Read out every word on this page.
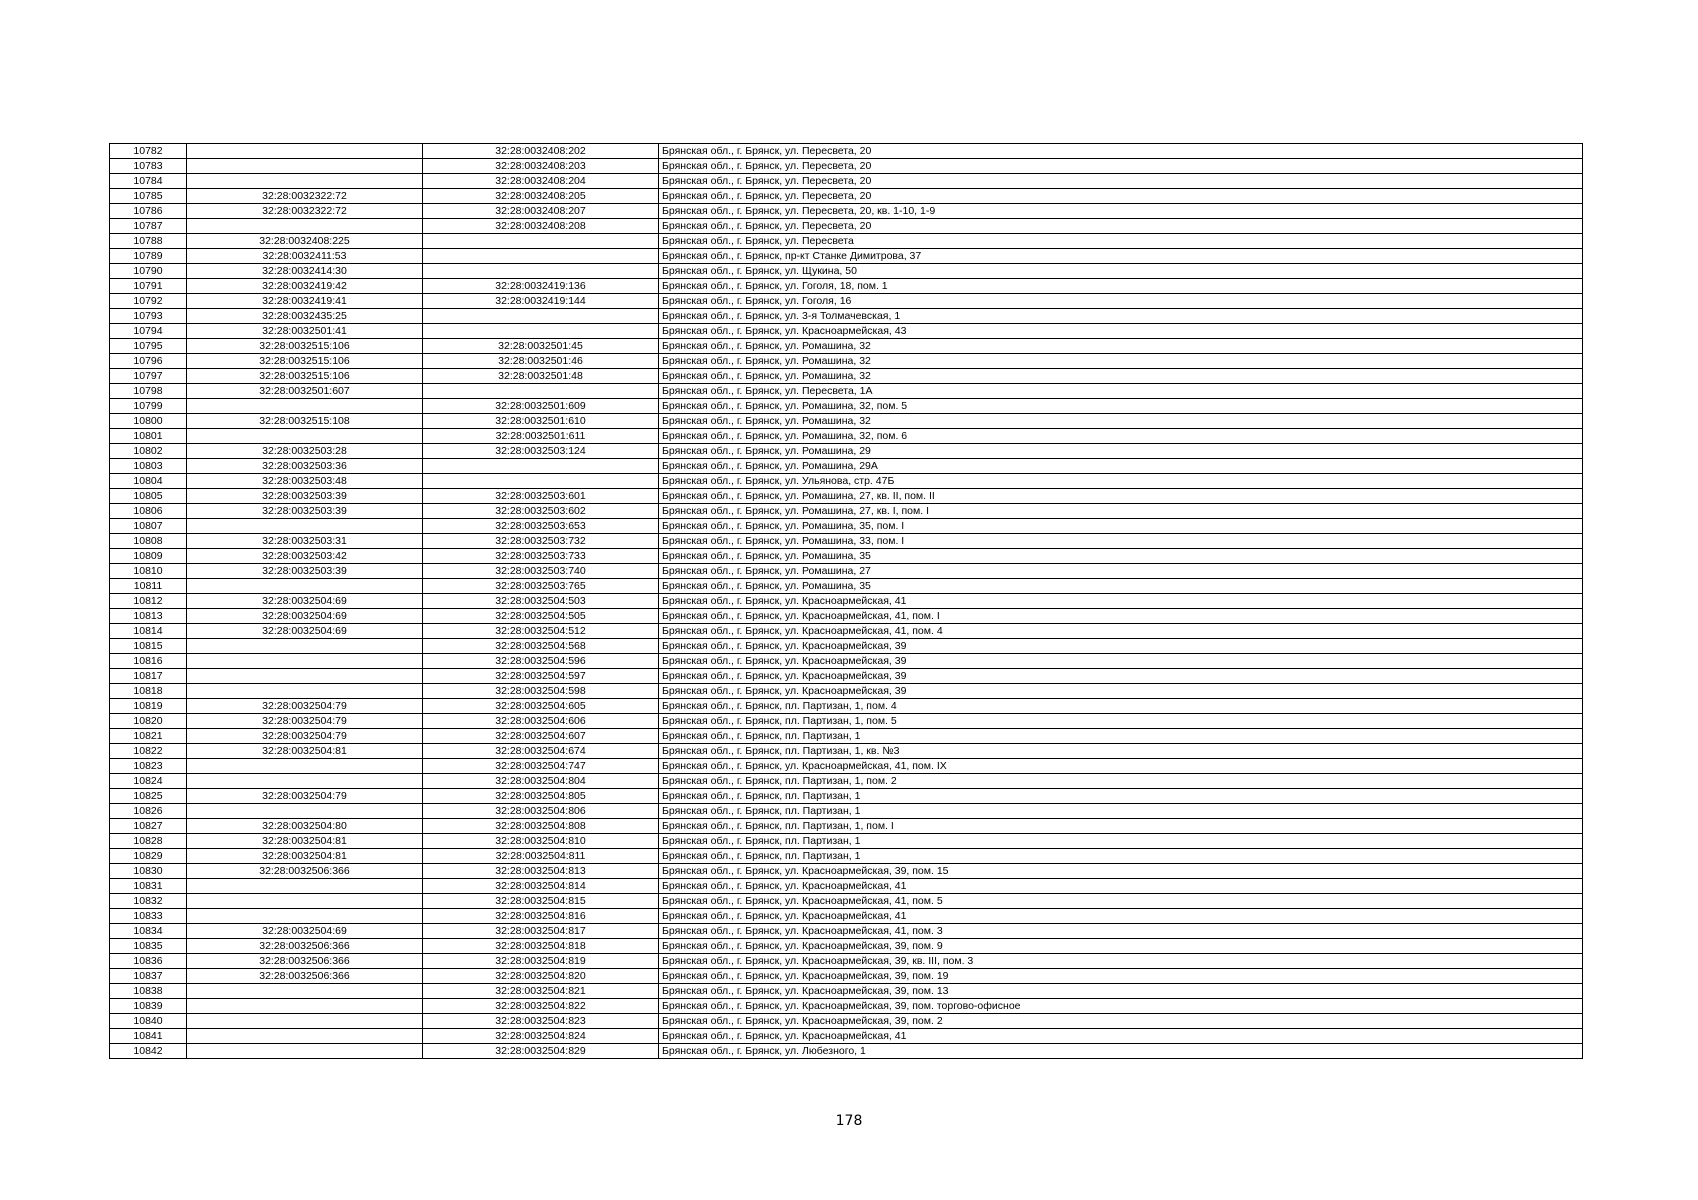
10782		32:28:0032408:202	Брянская обл., г. Брянск, ул. Пересвета, 20
10783		32:28:0032408:203	Брянская обл., г. Брянск, ул. Пересвета, 20
10784		32:28:0032408:204	Брянская обл., г. Брянск, ул. Пересвета, 20
10785	32:28:0032322:72	32:28:0032408:205	Брянская обл., г. Брянск, ул. Пересвета, 20
10786	32:28:0032322:72	32:28:0032408:207	Брянская обл., г. Брянск, ул. Пересвета, 20, кв. 1-10, 1-9
10787		32:28:0032408:208	Брянская обл., г. Брянск, ул. Пересвета, 20
10788	32:28:0032408:225		Брянская обл., г. Брянск, ул. Пересвета
10789	32:28:0032411:53		Брянская обл., г. Брянск, пр-кт Станке Димитрова, 37
10790	32:28:0032414:30		Брянская обл., г. Брянск, ул. Щукина, 50
10791	32:28:0032419:42	32:28:0032419:136	Брянская обл., г. Брянск, ул. Гоголя, 18, пом. 1
10792	32:28:0032419:41	32:28:0032419:144	Брянская обл., г. Брянск, ул. Гоголя, 16
10793	32:28:0032435:25		Брянская обл., г. Брянск, ул. 3-я Толмачевская, 1
10794	32:28:0032501:41		Брянская обл., г. Брянск, ул. Красноармейская, 43
10795	32:28:0032515:106	32:28:0032501:45	Брянская обл., г. Брянск, ул. Ромашина, 32
10796	32:28:0032515:106	32:28:0032501:46	Брянская обл., г. Брянск, ул. Ромашина, 32
10797	32:28:0032515:106	32:28:0032501:48	Брянская обл., г. Брянск, ул. Ромашина, 32
10798	32:28:0032501:607		Брянская обл., г. Брянск, ул. Пересвета, 1А
10799		32:28:0032501:609	Брянская обл., г. Брянск, ул. Ромашина, 32, пом. 5
10800	32:28:0032515:108	32:28:0032501:610	Брянская обл., г. Брянск, ул. Ромашина, 32
10801		32:28:0032501:611	Брянская обл., г. Брянск, ул. Ромашина, 32, пом. 6
10802	32:28:0032503:28	32:28:0032503:124	Брянская обл., г. Брянск, ул. Ромашина, 29
10803	32:28:0032503:36		Брянская обл., г. Брянск, ул. Ромашина, 29А
10804	32:28:0032503:48		Брянская обл., г. Брянск, ул. Ульянова, стр. 47Б
10805	32:28:0032503:39	32:28:0032503:601	Брянская обл., г. Брянск, ул. Ромашина, 27, кв. II, пом. II
10806	32:28:0032503:39	32:28:0032503:602	Брянская обл., г. Брянск, ул. Ромашина, 27, кв. I, пом. I
10807		32:28:0032503:653	Брянская обл., г. Брянск, ул. Ромашина, 35, пом. I
10808	32:28:0032503:31	32:28:0032503:732	Брянская обл., г. Брянск, ул. Ромашина, 33, пом. I
10809	32:28:0032503:42	32:28:0032503:733	Брянская обл., г. Брянск, ул. Ромашина, 35
10810	32:28:0032503:39	32:28:0032503:740	Брянская обл., г. Брянск, ул. Ромашина, 27
10811		32:28:0032503:765	Брянская обл., г. Брянск, ул. Ромашина, 35
10812	32:28:0032504:69	32:28:0032504:503	Брянская обл., г. Брянск, ул. Красноармейская, 41
10813	32:28:0032504:69	32:28:0032504:505	Брянская обл., г. Брянск, ул. Красноармейская, 41, пом. I
10814	32:28:0032504:69	32:28:0032504:512	Брянская обл., г. Брянск, ул. Красноармейская, 41, пом. 4
10815		32:28:0032504:568	Брянская обл., г. Брянск, ул. Красноармейская, 39
10816		32:28:0032504:596	Брянская обл., г. Брянск, ул. Красноармейская, 39
10817		32:28:0032504:597	Брянская обл., г. Брянск, ул. Красноармейская, 39
10818		32:28:0032504:598	Брянская обл., г. Брянск, ул. Красноармейская, 39
10819	32:28:0032504:79	32:28:0032504:605	Брянская обл., г. Брянск, пл. Партизан, 1, пом. 4
10820	32:28:0032504:79	32:28:0032504:606	Брянская обл., г. Брянск, пл. Партизан, 1, пом. 5
10821	32:28:0032504:79	32:28:0032504:607	Брянская обл., г. Брянск, пл. Партизан, 1
10822	32:28:0032504:81	32:28:0032504:674	Брянская обл., г. Брянск, пл. Партизан, 1, кв. №3
10823		32:28:0032504:747	Брянская обл., г. Брянск, ул. Красноармейская, 41, пом. IX
10824		32:28:0032504:804	Брянская обл., г. Брянск, пл. Партизан, 1, пом. 2
10825	32:28:0032504:79	32:28:0032504:805	Брянская обл., г. Брянск, пл. Партизан, 1
10826		32:28:0032504:806	Брянская обл., г. Брянск, пл. Партизан, 1
10827	32:28:0032504:80	32:28:0032504:808	Брянская обл., г. Брянск, пл. Партизан, 1, пом. I
10828	32:28:0032504:81	32:28:0032504:810	Брянская обл., г. Брянск, пл. Партизан, 1
10829	32:28:0032504:81	32:28:0032504:811	Брянская обл., г. Брянск, пл. Партизан, 1
10830	32:28:0032506:366	32:28:0032504:813	Брянская обл., г. Брянск, ул. Красноармейская, 39, пом. 15
10831		32:28:0032504:814	Брянская обл., г. Брянск, ул. Красноармейская, 41
10832		32:28:0032504:815	Брянская обл., г. Брянск, ул. Красноармейская, 41, пом. 5
10833		32:28:0032504:816	Брянская обл., г. Брянск, ул. Красноармейская, 41
10834	32:28:0032504:69	32:28:0032504:817	Брянская обл., г. Брянск, ул. Красноармейская, 41, пом. 3
10835	32:28:0032506:366	32:28:0032504:818	Брянская обл., г. Брянск, ул. Красноармейская, 39, пом. 9
10836	32:28:0032506:366	32:28:0032504:819	Брянская обл., г. Брянск, ул. Красноармейская, 39, кв. III, пом. 3
10837	32:28:0032506:366	32:28:0032504:820	Брянская обл., г. Брянск, ул. Красноармейская, 39, пом. 19
10838		32:28:0032504:821	Брянская обл., г. Брянск, ул. Красноармейская, 39, пом. 13
10839		32:28:0032504:822	Брянская обл., г. Брянск, ул. Красноармейская, 39, пом. торгово-офисное
10840		32:28:0032504:823	Брянская обл., г. Брянск, ул. Красноармейская, 39, пом. 2
10841		32:28:0032504:824	Брянская обл., г. Брянск, ул. Красноармейская, 41
10842		32:28:0032504:829	Брянская обл., г. Брянск, ул. Любезного, 1
178
